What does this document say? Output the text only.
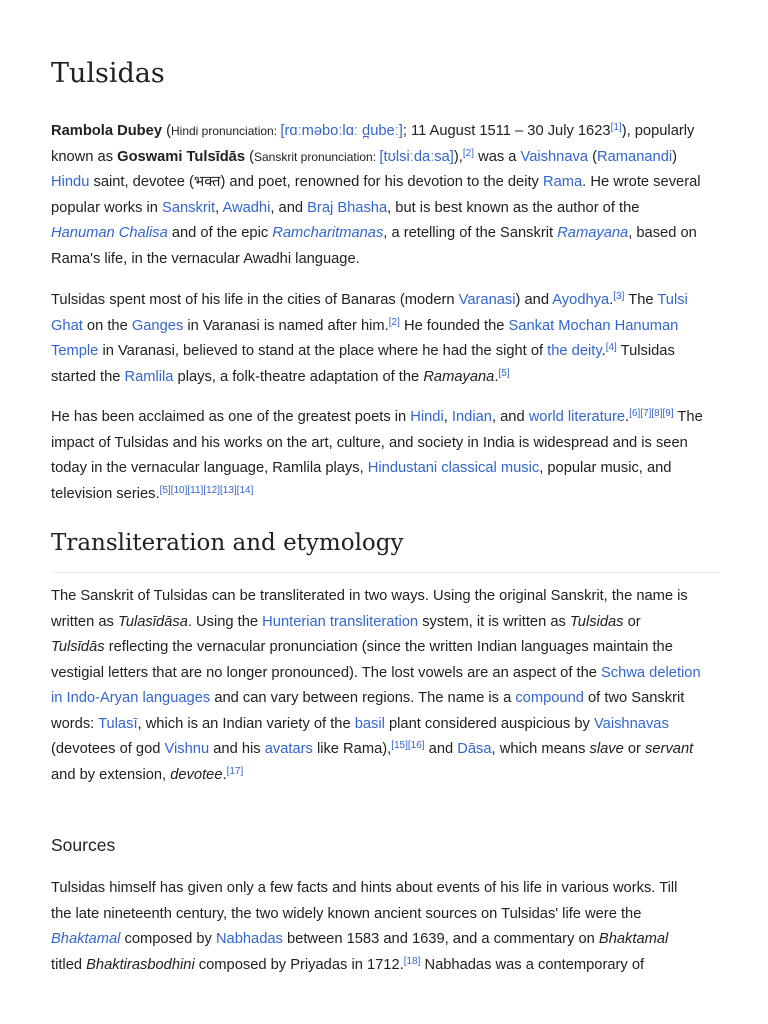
Tulsidas
Rambola Dubey (Hindi pronunciation: [rɑːməboːlɑː d̪ubeː]; 11 August 1511 – 30 July 1623[1]), popularly
known as Goswami Tulsīdās (Sanskrit pronunciation: [tʊlsiːdaːsa]),[2] was a Vaishnava (Ramanandi)
Hindu saint, devotee (भक्त) and poet, renowned for his devotion to the deity Rama. He wrote several
popular works in Sanskrit, Awadhi, and Braj Bhasha, but is best known as the author of the
Hanuman Chalisa and of the epic Ramcharitmanas, a retelling of the Sanskrit Ramayana, based on
Rama's life, in the vernacular Awadhi language.
Tulsidas spent most of his life in the cities of Banaras (modern Varanasi) and Ayodhya.[3] The Tulsi
Ghat on the Ganges in Varanasi is named after him.[2] He founded the Sankat Mochan Hanuman
Temple in Varanasi, believed to stand at the place where he had the sight of the deity.[4] Tulsidas
started the Ramlila plays, a folk-theatre adaptation of the Ramayana.[5]
He has been acclaimed as one of the greatest poets in Hindi, Indian, and world literature.[6][7][8][9] The
impact of Tulsidas and his works on the art, culture, and society in India is widespread and is seen
today in the vernacular language, Ramlila plays, Hindustani classical music, popular music, and
television series.[5][10][11][12][13][14]
Transliteration and etymology
The Sanskrit of Tulsidas can be transliterated in two ways. Using the original Sanskrit, the name is
written as Tulasīdāsa. Using the Hunterian transliteration system, it is written as Tulsidas or
Tulsīdās reflecting the vernacular pronunciation (since the written Indian languages maintain the
vestigial letters that are no longer pronounced). The lost vowels are an aspect of the Schwa deletion
in Indo-Aryan languages and can vary between regions. The name is a compound of two Sanskrit
words: Tulasī, which is an Indian variety of the basil plant considered auspicious by Vaishnavas
(devotees of god Vishnu and his avatars like Rama),[15][16] and Dāsa, which means slave or servant
and by extension, devotee.[17]
Sources
Tulsidas himself has given only a few facts and hints about events of his life in various works. Till
the late nineteenth century, the two widely known ancient sources on Tulsidas' life were the
Bhaktamal composed by Nabhadas between 1583 and 1639, and a commentary on Bhaktamal
titled Bhaktirasbodhini composed by Priyadas in 1712.[18] Nabhadas was a contemporary of
